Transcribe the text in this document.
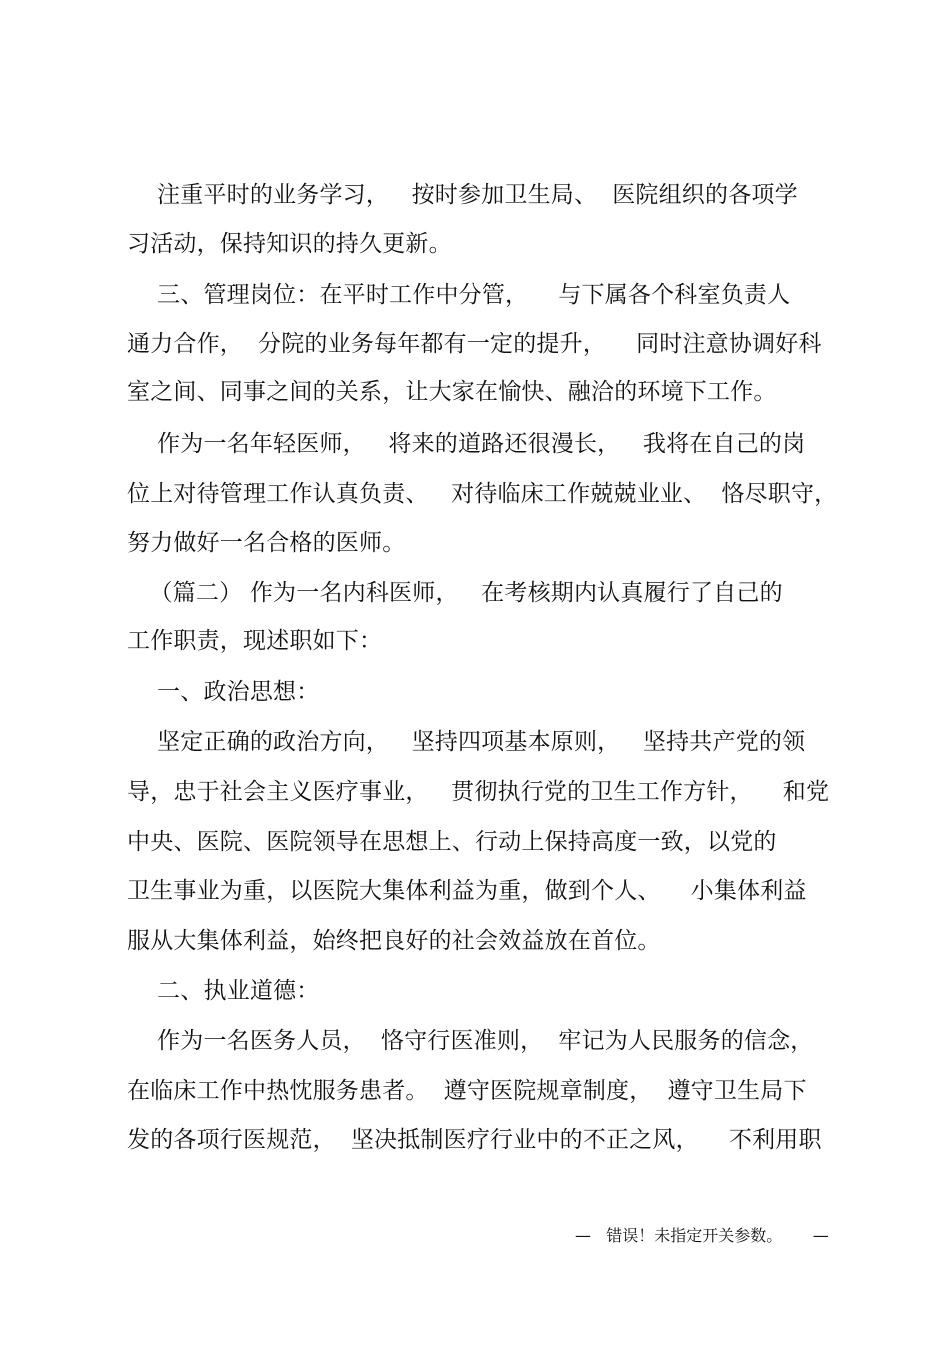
注重平时的业务学习，   按时参加卫生局、  医院组织的各项学
习活动，保持知识的持久更新。
三、管理岗位：在平时工作中分管，    与下属各个科室负责人
通力合作，  分院的业务每年都有一定的提升，    同时注意协调好科
室之间、同事之间的关系，让大家在愉快、融洽的环境下工作。
作为一名年轻医师，   将来的道路还很漫长，   我将在自己的岗
位上对待管理工作认真负责、   对待临床工作兢兢业业、  恪尽职守，
努力做好一名合格的医师。
（篇二） 作为一名内科医师，   在考核期内认真履行了自己的
工作职责，现述职如下：
一、政治思想：
坚定正确的政治方向，   坚持四项基本原则，   坚持共产党的领
导，忠于社会主义医疗事业，   贯彻执行党的卫生工作方针，    和党
中央、医院、医院领导在思想上、行动上保持高度一致，以党的
卫生事业为重，以医院大集体利益为重，做到个人、    小集体利益
服从大集体利益，始终把良好的社会效益放在首位。
二、执业道德：
作为一名医务人员，  恪守行医准则，  牢记为人民服务的信念，
在临床工作中热忱服务患者。  遵守医院规章制度，  遵守卫生局下
发的各项行医规范，  坚决抵制医疗行业中的不正之风，    不利用职
—   错误！未指定开关参数。      —
